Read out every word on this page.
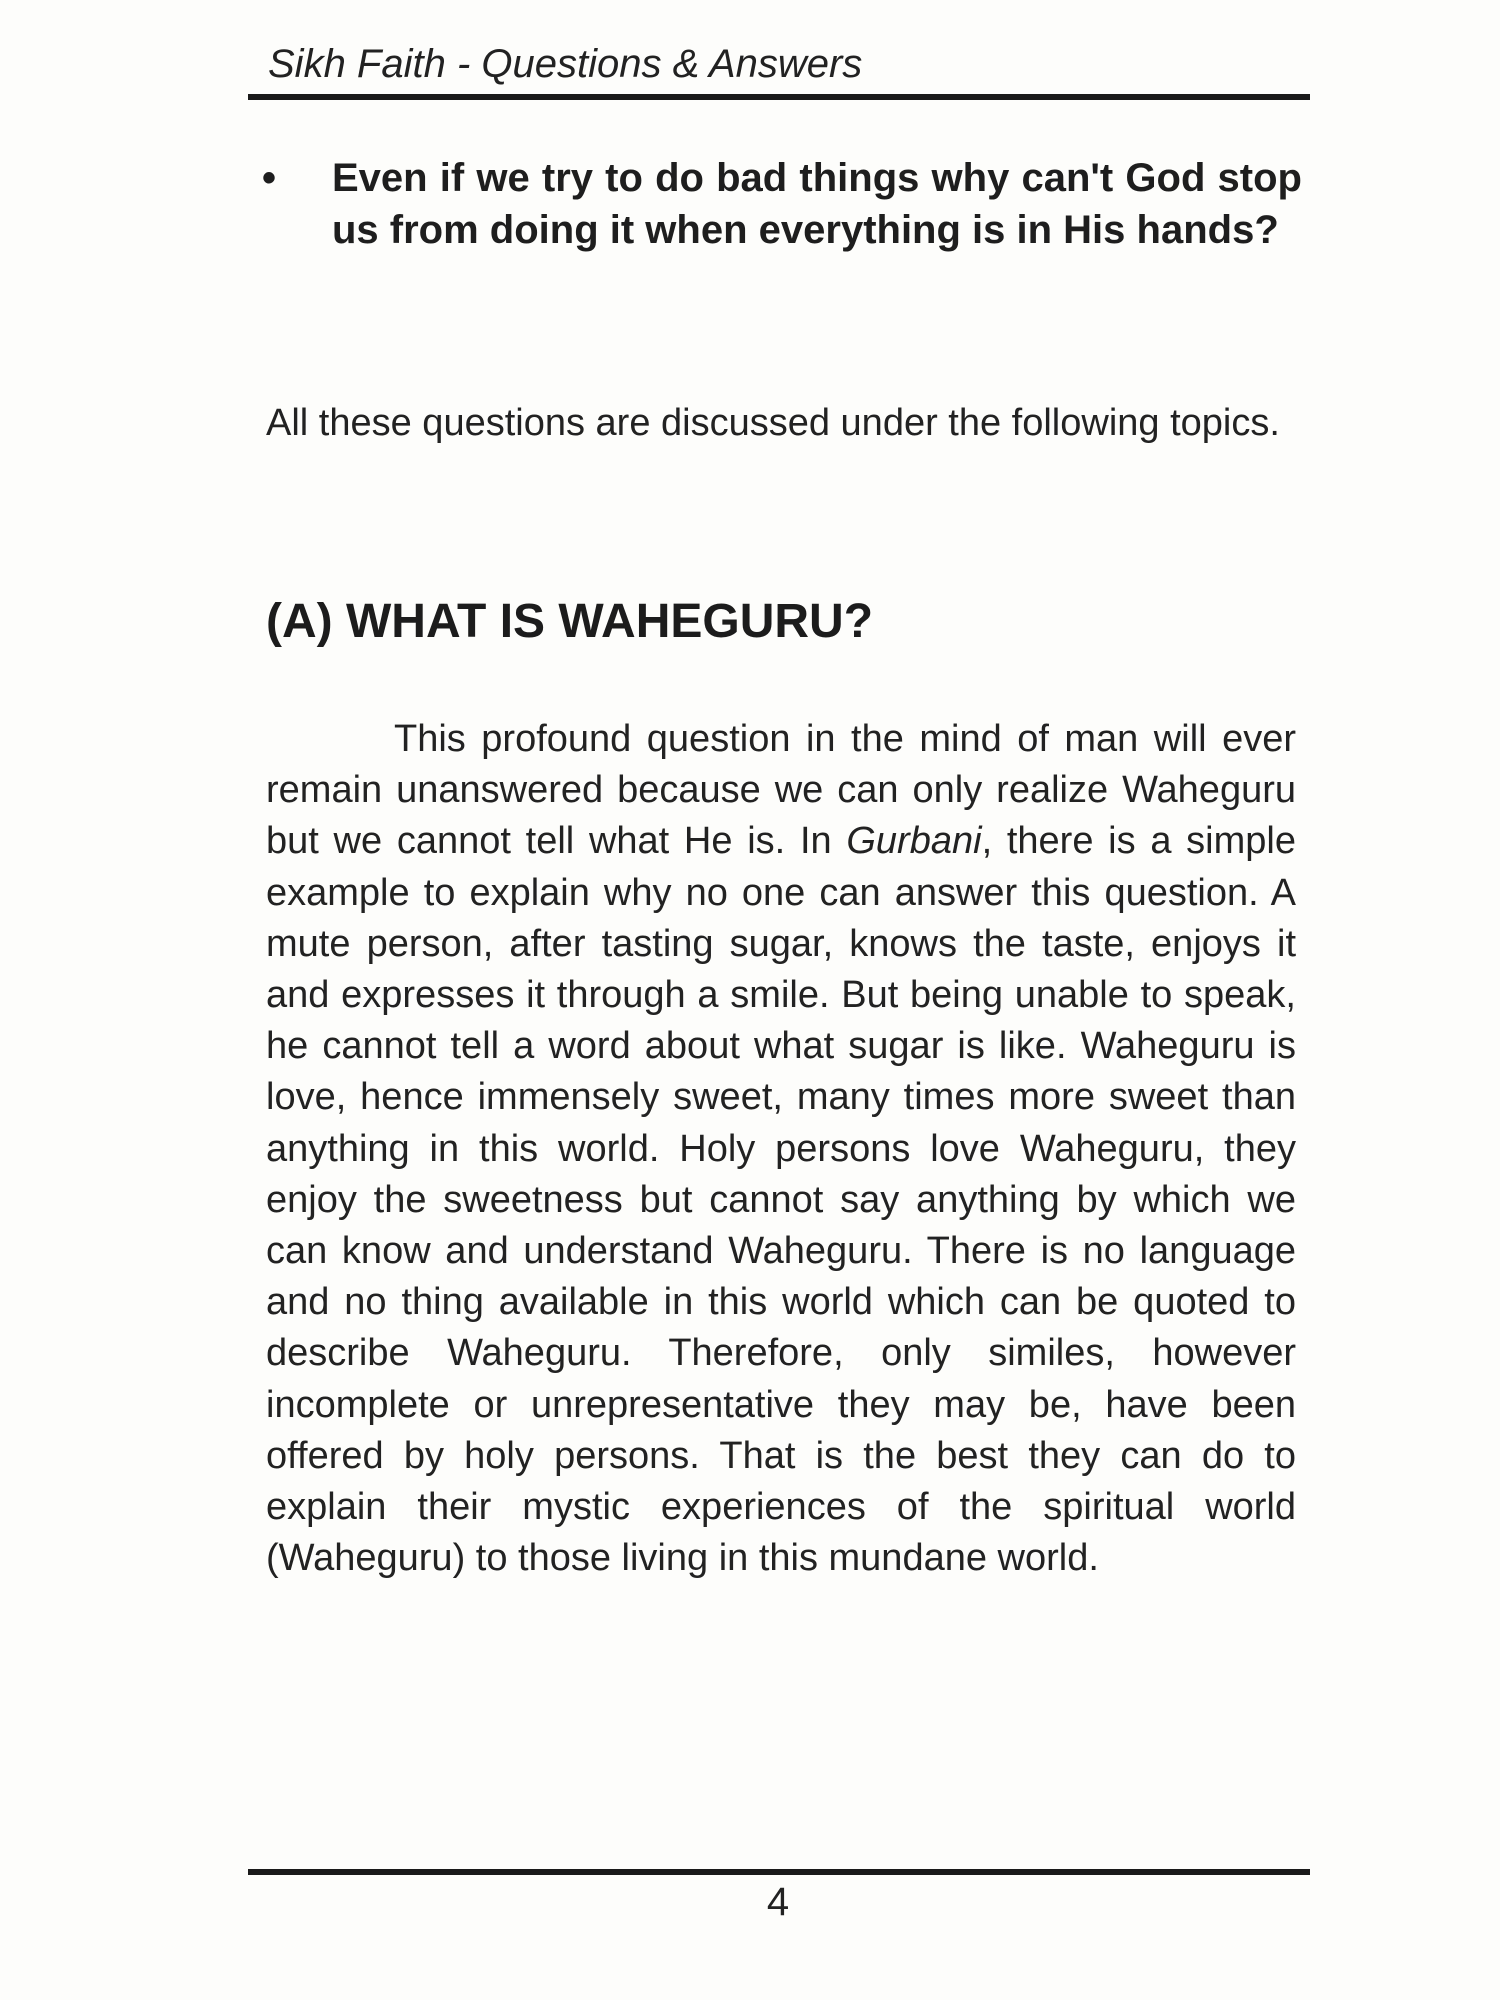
Sikh Faith - Questions & Answers
•	Even if we try to do bad things why can't God stop us from doing it when everything is in His hands?

All these questions are discussed under the following topics.

(A) WHAT IS WAHEGURU?

This profound question in the mind of man will ever remain unanswered because we can only realize Waheguru but we cannot tell what He is. In Gurbani, there is a simple example to explain why no one can answer this question. A mute person, after tasting sugar, knows the taste, enjoys it and expresses it through a smile. But being unable to speak, he cannot tell a word about what sugar is like. Waheguru is love, hence immensely sweet, many times more sweet than anything in this world. Holy persons love Waheguru, they enjoy the sweetness but cannot say anything by which we can know and understand Waheguru. There is no language and no thing available in this world which can be quoted to describe Waheguru. Therefore, only similes, however incomplete or unrepresentative they may be, have been offered by holy persons. That is the best they can do to explain their mystic experiences of the spiritual world (Waheguru) to those living in this mundane world.

4
